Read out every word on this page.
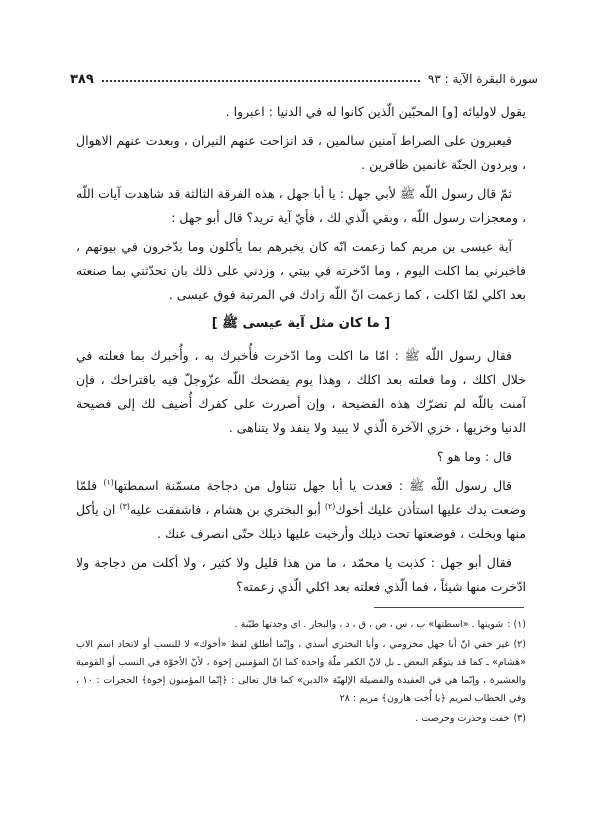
سورة البقرة الآية : ٩٣
٣٨٩

يقول لاوليائه [و] المحبّين الّذين كانوا له في الدنيا : اعبروا .

فيعبرون على الصراط آمنين سالمين ، قد انزاحت عنهم النيران ، وبعدت عنهم الاهوال ، ويردون الجنّة غانمين ظافرين .

ثمّ قال رسول اللّه ﷺ لأبي جهل : يا أبا جهل ، هذه الفرقة الثالثة قد شاهدت آيات اللّه ، ومعجزات رسول اللّه ، وبقي الّذي لك ، فأيّ آية تريد؟ قال أبو جهل :

آية عيسى بن مريم كما زعمت انّه كان يخبرهم بما يأكلون وما يدّخرون في بيوتهم ، فاخبرني بما اكلت اليوم ، وما ادّخرته في بيتي ، وزدني على ذلك بان تحدّثني بما صنعته بعد اكلي لمّا اكلت ، كما زعمت انّ اللّه زادك في المرتبة فوق عيسى .

[ ما كان مثل آية عيسى ﷺ ]

فقال رسول اللّه ﷺ : امّا ما اكلت وما ادّخرت فأُخبرك به ، وأُخبرك بما فعلته في خلال اكلك ، وما فعلته بعد اكلك ، وهذا يوم يفضحك اللّه عزّوجلّ فيه باقتراحك ، فإن آمنت باللّه لم تضرّك هذه الفضيحة ، وإن أصررت على كفرك أُضيف لك إلى فضيحة الدنيا وخزيها ، خزي الآخرة الّذي لا يبيد ولا ينفد ولا يتناهى .

قال : وما هو ؟

قال رسول اللّه ﷺ : قعدت يا أبا جهل تتناول من دجاجة مسمّنة اسمطتها$^{(١)}$ فلمّا وضعت يدك عليها استأذن عليك أخوك$^{(٢)}$ أبو البختري بن هشام ، فاشفقت عليه$^{(٣)}$ ان يأكل منها وبخلت ، فوضعتها تحت ذيلك وأرخيت عليها ذيلك حتّى انصرف عنك .

فقال أبو جهل : كذبت يا محمّد ، ما من هذا قليل ولا كثير ، ولا أكلت من دجاجة ولا ادّخرت منها شيئاً ، فما الّذي فعلته بعد اكلي الّذي زعمته؟

(١) :شويتها . «اسطتها» ب ، س ، ص ، ق ، د ، والبحار . اي وجدتها طيّبة .

(٢)غير خفي انّ أبا جهل مخزومي ، وأبا البختري أسدي ، وإنّما أطلق لفظ «أخوك» لا للنسب أو لاتحاد اسم الاب «هشام» ـ كما قد يتوهّم البعض ـ بل لانّ الكفر ملّة واحدة كما انّ المؤمنين إخوة ، لأنّ الأخوّة في النسب أو القومية والعشيرة ، وإنّما هي في العقيدة والفضيلة الإلهيّة «الدين» كما قال تعالى : ﴿إنّما المؤمنون إخوة﴾ الحجرات : ١٠ ، وفي الخطاب لمريم ﴿يا أُخت هارون﴾ مريم : ٢٨

(٣)خفت وحذرت وحرصت .
